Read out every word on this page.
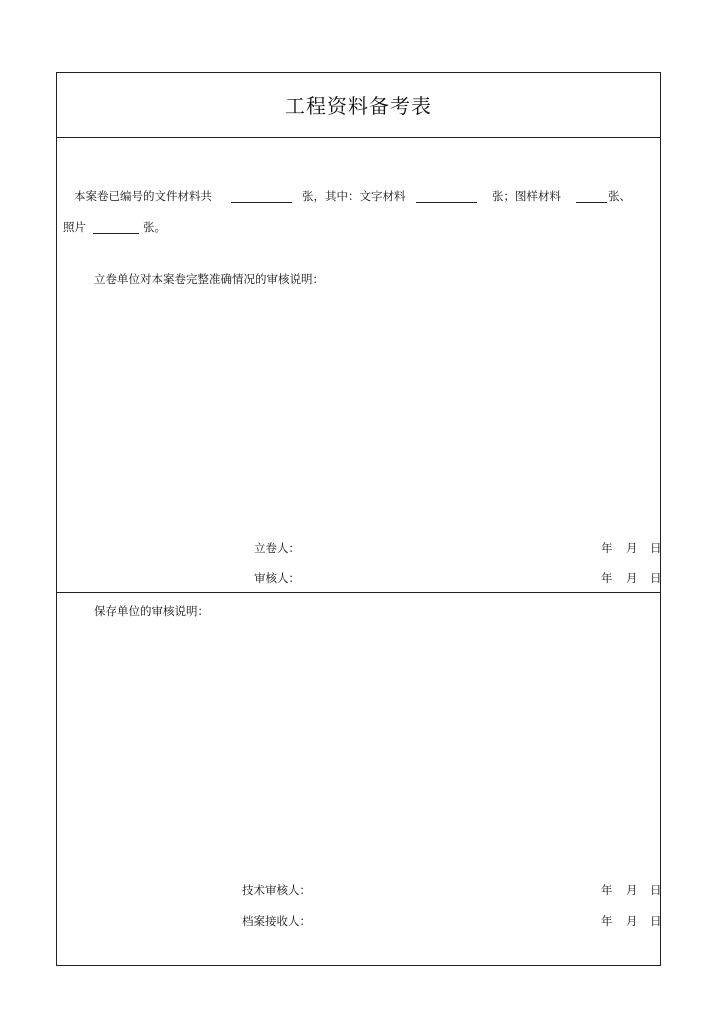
工程资料备考表
本案卷已编号的文件材料共	张，其中：文字材料	张；图样材料	张、
照片	张。
立卷单位对本案卷完整准确情况的审核说明：
立卷人：	年 月 日
审核人：	年 月 日
保存单位的审核说明：
技术审核人：	年 月 日
档案接收人：	年 月 日
